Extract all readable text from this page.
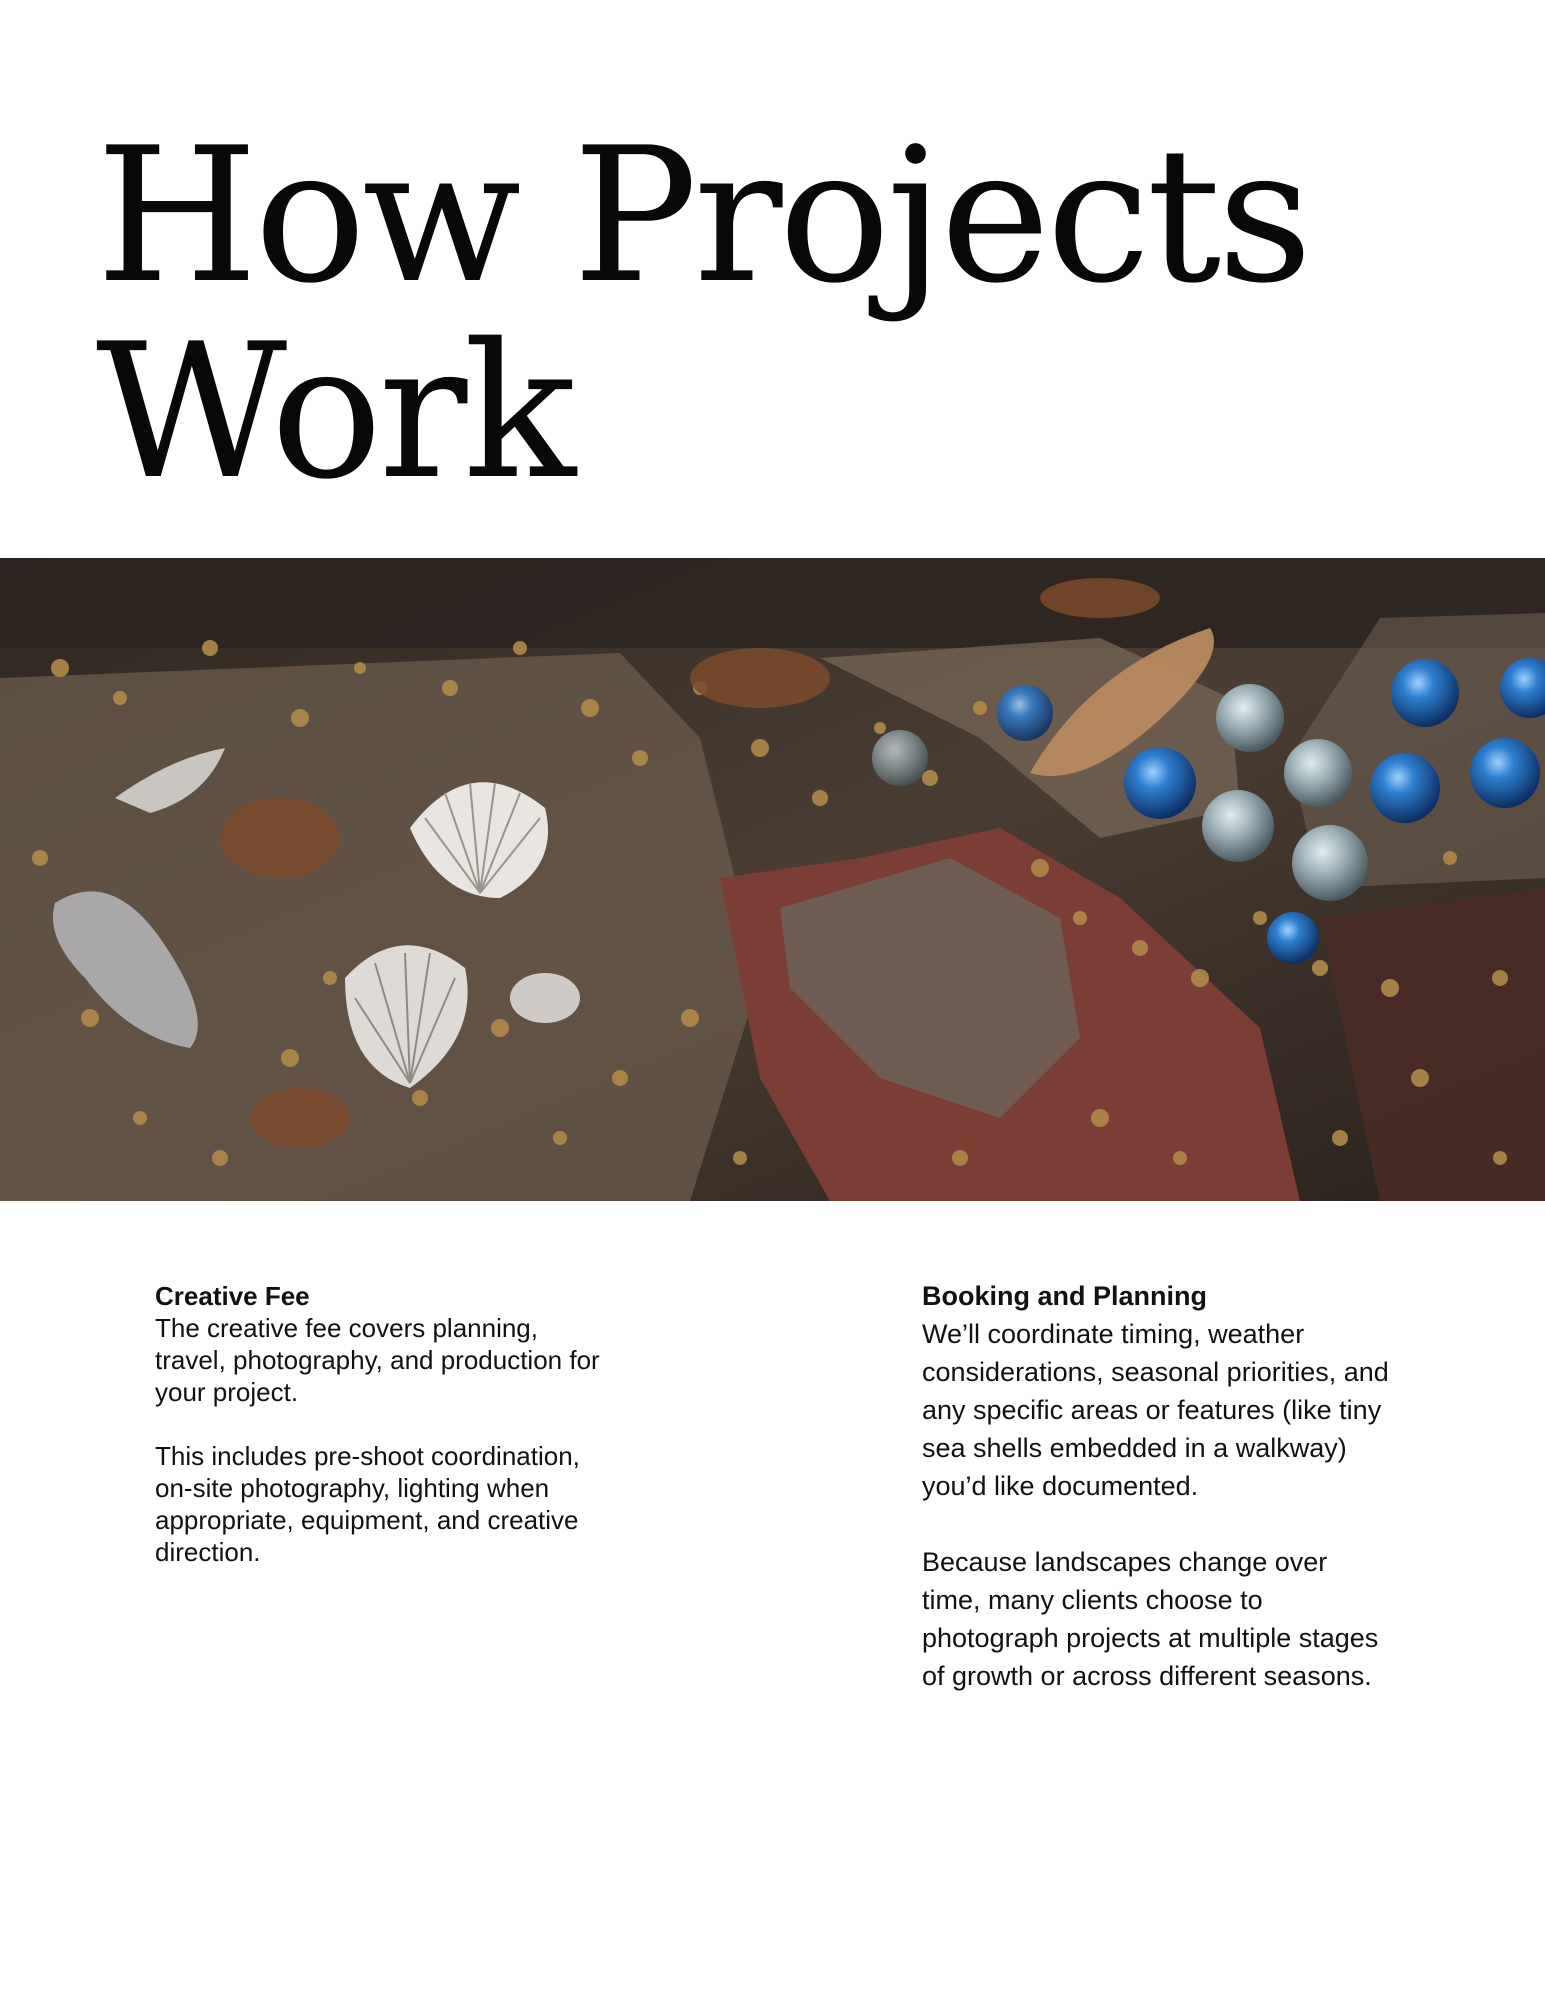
How Projects
Work
Creative Fee

The creative fee covers planning, travel, photography, and production for your project.

This includes pre-shoot coordination, on-site photography, lighting when appropriate, equipment, and creative direction.

Booking and Planning

We’ll coordinate timing, weather considerations, seasonal priorities, and any specific areas or features (like tiny sea shells embedded in a walkway) you’d like documented.

Because landscapes change over time, many clients choose to photograph projects at multiple stages of growth or across different seasons.
